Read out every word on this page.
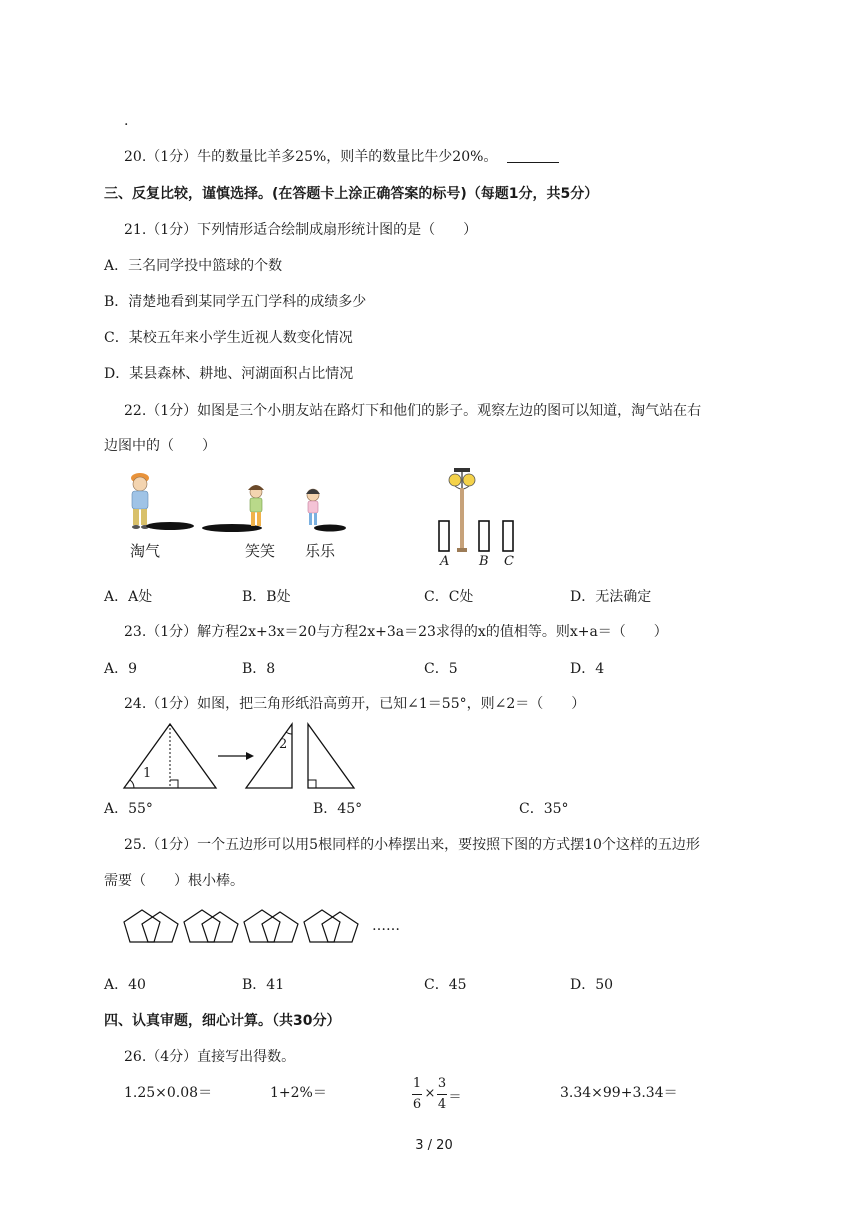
.
20.（1分）牛的数量比羊多25%，则羊的数量比牛少20%。
三、反复比较，谨慎选择。(在答题卡上涂正确答案的标号)（每题1分，共5分）
21.（1分）下列情形适合绘制成扇形统计图的是（　　）
A．三名同学投中篮球的个数
B．清楚地看到某同学五门学科的成绩多少
C．某校五年来小学生近视人数变化情况
D．某县森林、耕地、河湖面积占比情况
22.（1分）如图是三个小朋友站在路灯下和他们的影子。观察左边的图可以知道，淘气站在右
边图中的（　　）
淘气	笑笑 乐乐
A B C
A．A处	B．B处	C．C处	D．无法确定
23.（1分）解方程2x+3x＝20与方程2x+3a＝23求得的x的值相等。则x+a＝（　　）
A．9	B．8	C．5	D．4
24.（1分）如图，把三角形纸沿高剪开，已知∠1＝55°，则∠2＝（　　）
1
2
A．55°	B．45°	C．35°
25.（1分）一个五边形可以用5根同样的小棒摆出来，要按照下图的方式摆10个这样的五边形
需要（　　）根小棒。
……
A．40	B．41	C．45	D．50
四、认真审题，细心计算。（共30分）
26.（4分）直接写出得数。
1.25×0.08＝	1+2%＝
1
6
×
3
4 ＝	3.34×99+3.34＝
3 / 20
